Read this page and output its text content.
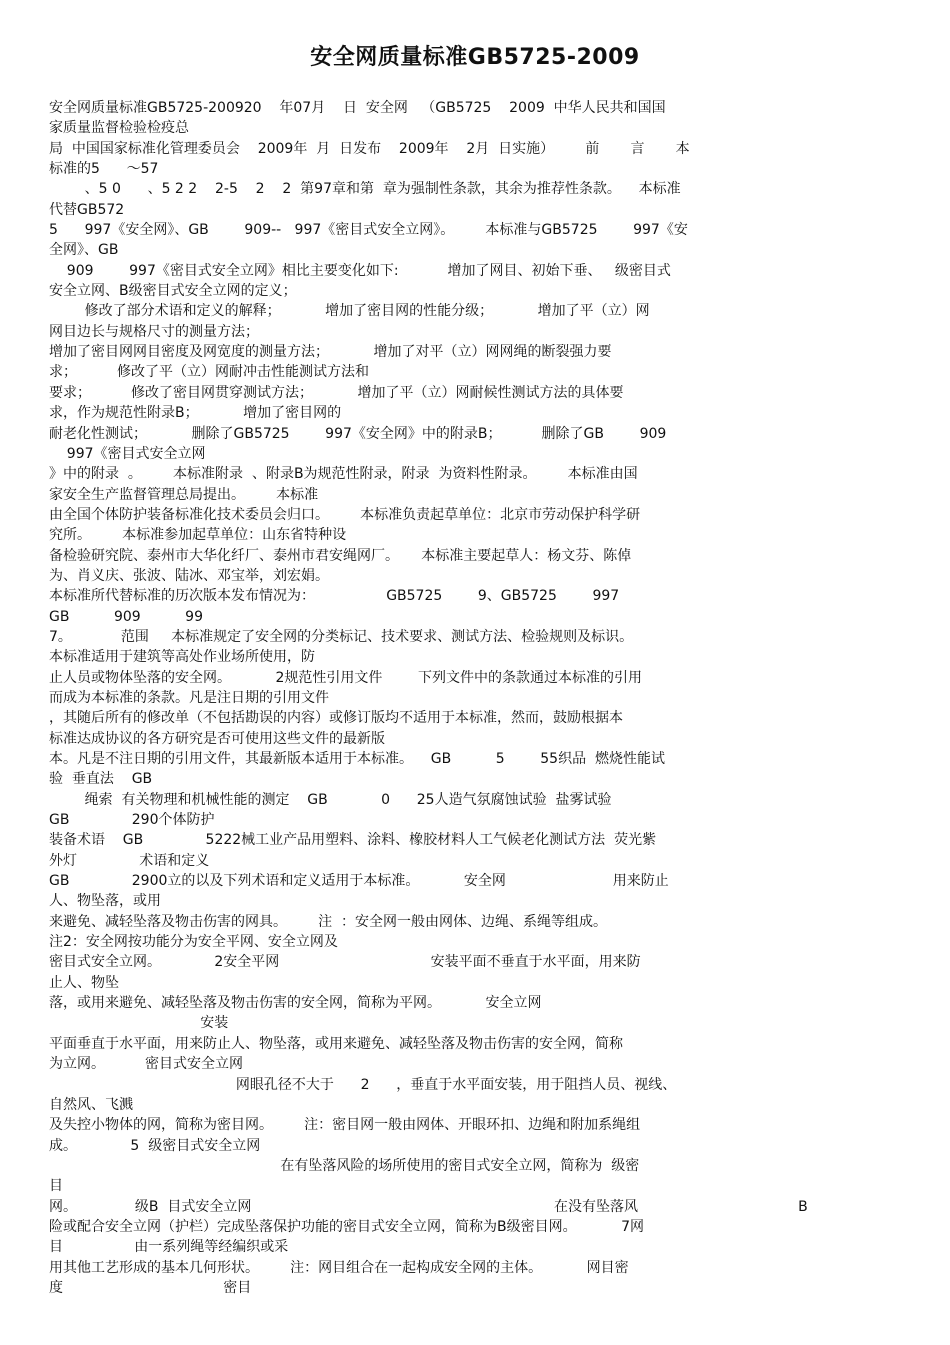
安全网质量标准GB5725-2009
安全网质量标准GB5725-200920    年07月    日  安全网   （GB5725    2009  中华人民共和国国
家质量监督检验检疫总
局  中国国家标准化管理委员会    2009年  月  日发布    2009年    2月  日实施）       前       言       本
标准的5      ～57
、5 0      、5 2 2    2-5    2    2  第97章和第  章为强制性条款，其余为推荐性条款。    本标准
代替GB572
5      997《安全网》、GB        909--   997《密目式安全立网》。       本标准与GB5725        997《安
全网》、GB
909        997《密目式安全立网》相比主要变化如下:           增加了网目、初始下垂、   级密目式
安全立网、B级密目式安全立网的定义；
修改了部分术语和定义的解释；          增加了密目网的性能分级；          增加了平（立）网
网目边长与规格尺寸的测量方法；
增加了密目网网目密度及网宽度的测量方法；          增加了对平（立）网网绳的断裂强力要
求；         修改了平（立）网耐冲击性能测试方法和
要求；         修改了密目网贯穿测试方法；          增加了平（立）网耐候性测试方法的具体要
求，作为规范性附录B；          增加了密目网的
耐老化性测试；          删除了GB5725        997《安全网》中的附录B；         删除了GB        909
997《密目式安全立网
》中的附录  。       本标准附录  、附录B为规范性附录，附录  为资料性附录。       本标准由国
家安全生产监督管理总局提出。       本标准
由全国个体防护装备标准化技术委员会归口。       本标准负责起草单位：北京市劳动保护科学研
究所。       本标准参加起草单位：山东省特种设
备检验研究院、泰州市大华化纤厂、泰州市君安绳网厂。     本标准主要起草人：杨文芬、陈倬
为、肖义庆、张波、陆冰、邓宝举，刘宏娟。
本标准所代替标准的历次版本发布情况为：                GB5725        9、GB5725        997
GB          909          99
7。           范围     本标准规定了安全网的分类标记、技术要求、测试方法、检验规则及标识。
本标准适用于建筑等高处作业场所使用，防
止人员或物体坠落的安全网。          2规范性引用文件        下列文件中的条款通过本标准的引用
而成为本标准的条款。凡是注日期的引用文件
，其随后所有的修改单（不包括勘误的内容）或修订版均不适用于本标准，然而，鼓励根据本
标准达成协议的各方研究是否可使用这些文件的最新版
本。凡是不注日期的引用文件，其最新版本适用于本标准。    GB          5        55织品  燃烧性能试
验  垂直法    GB
绳索  有关物理和机械性能的测定    GB            0      25人造气氛腐蚀试验  盐雾试验
GB              290个体防护
装备术语    GB              5222械工业产品用塑料、涂料、橡胶材料人工气候老化测试方法  荧光紫
外灯              术语和定义
GB              2900立的以及下列术语和定义适用于本标准。          安全网                        用来防止
人、物坠落，或用
来避免、减轻坠落及物击伤害的网具。       注  ：安全网一般由网体、边绳、系绳等组成。
注2：安全网按功能分为安全平网、安全立网及
密目式安全立网。            2安全平网                                  安装平面不垂直于水平面，用来防
止人、物坠
落，或用来避免、减轻坠落及物击伤害的安全网，简称为平网。          安全立网
安装
平面垂直于水平面，用来防止人、物坠落，或用来避免、减轻坠落及物击伤害的安全网，简称
为立网。         密目式安全立网
网眼孔径不大于      2      ，垂直于水平面安装，用于阻挡人员、视线、
自然风、飞溅
及失控小物体的网，简称为密目网。       注：密目网一般由网体、开眼环扣、边绳和附加系绳组
成。            5  级密目式安全立网
在有坠落风险的场所使用的密目式安全立网，简称为  级密
目
网。             级B  目式安全立网                                                                    在没有坠落风                                    B
险或配合安全立网（护栏）完成坠落保护功能的密目式安全立网，简称为B级密目网。          7网
目                由一系列绳等经编织或采
用其他工艺形成的基本几何形状。       注：网目组合在一起构成安全网的主体。          网目密
度                                    密目
